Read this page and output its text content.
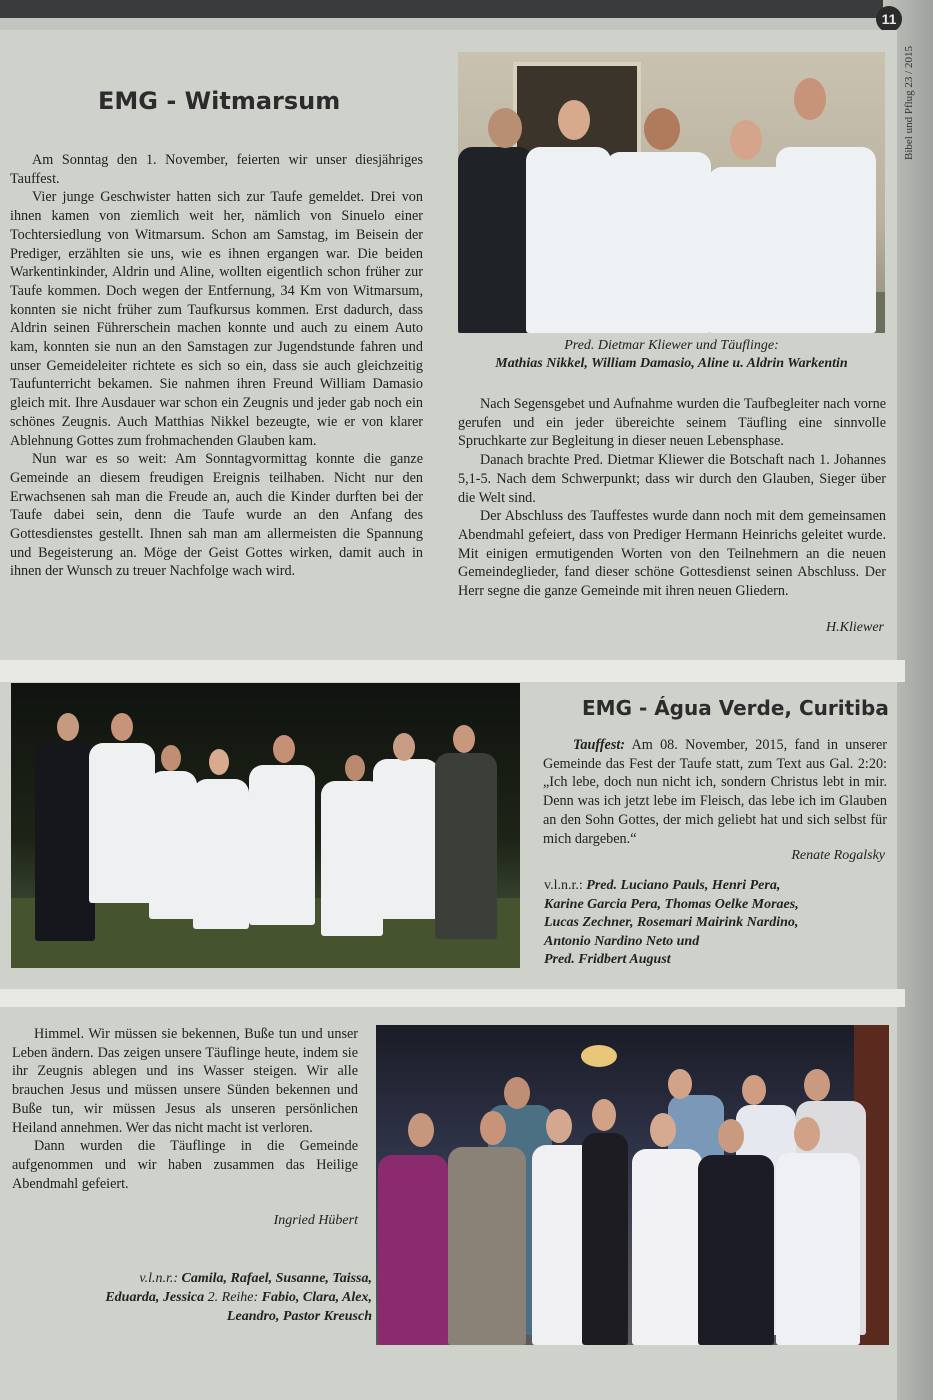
11
Bibel und Pflug 23 / 2015
EMG - Witmarsum

Am Sonntag den 1. November, feierten wir unser diesjähriges Tauffest.

Vier junge Geschwister hatten sich zur Taufe gemeldet. Drei von ihnen kamen von ziemlich weit her, nämlich von Sinuelo einer Tochtersiedlung von Witmarsum. Schon am Samstag, im Beisein der Prediger, erzählten sie uns, wie es ihnen ergangen war. Die beiden Warkentinkinder, Aldrin und Aline, wollten eigentlich schon früher zur Taufe kommen. Doch wegen der Entfernung, 34 Km von Witmarsum, konnten sie nicht früher zum Taufkursus kommen. Erst dadurch, dass Aldrin seinen Führerschein machen konnte und auch zu einem Auto kam, konnten sie nun an den Samstagen zur Jugendstunde fahren und unser Gemeideleiter richtete es sich so ein, dass sie auch gleichzeitig Taufunterricht bekamen. Sie nahmen ihren Freund William Damasio gleich mit. Ihre Ausdauer war schon ein Zeugnis und jeder gab noch ein schönes Zeugnis. Auch Matthias Nikkel bezeugte, wie er von klarer Ablehnung Gottes zum frohmachenden Glauben kam.

Nun war es so weit: Am Sonntagvormittag konnte die ganze Gemeinde an diesem freudigen Ereignis teilhaben. Nicht nur den Erwachsenen sah man die Freude an, auch die Kinder durften bei der Taufe dabei sein, denn die Taufe wurde an den Anfang des Gottesdienstes gestellt. Ihnen sah man am allermeisten die Spannung und Begeisterung an. Möge der Geist Gottes wirken, damit auch in ihnen der Wunsch zu treuer Nachfolge wach wird.

Pred. Dietmar Kliewer und Täuflinge:
Mathias Nikkel, William Damasio, Aline u. Aldrin Warkentin

Nach Segensgebet und Aufnahme wurden die Taufbegleiter nach vorne gerufen und ein jeder übereichte seinem Täufling eine sinnvolle Spruchkarte zur Begleitung in dieser neuen Lebensphase.

Danach brachte Pred. Dietmar Kliewer die Botschaft nach 1. Johannes 5,1-5. Nach dem Schwerpunkt; dass wir durch den Glauben, Sieger über die Welt sind.

Der Abschluss des Tauffestes wurde dann noch mit dem gemeinsamen Abendmahl gefeiert, dass von Prediger Hermann Heinrichs geleitet wurde. Mit einigen ermutigenden Worten von den Teilnehmern an die neuen Gemeindeglieder, fand dieser schöne Gottesdienst seinen Abschluss. Der Herr segne die ganze Gemeinde mit ihren neuen Gliedern.

H.Kliewer
EMG - Água Verde, Curitiba

Tauffest: Am 08. November, 2015, fand in unserer Gemeinde das Fest der Taufe statt, zum Text aus Gal. 2:20: „Ich lebe, doch nun nicht ich, sondern Christus lebt in mir. Denn was ich jetzt lebe im Fleisch, das lebe ich im Glauben an den Sohn Gottes, der mich geliebt hat und sich selbst für mich dargeben.“

Renate Rogalsky
v.l.n.r.: Pred. Luciano Pauls, Henri Pera,
Karine Garcia Pera, Thomas Oelke Moraes,
Lucas Zechner, Rosemari Mairink Nardino,
Antonio Nardino Neto und
Pred. Fridbert August

Himmel. Wir müssen sie bekennen, Buße tun und unser Leben ändern. Das zeigen unsere Täuflinge heute, indem sie ihr Zeugnis ablegen und ins Wasser steigen. Wir alle brauchen Jesus und müssen unsere Sünden bekennen und Buße tun, wir müssen Jesus als unseren persönlichen Heiland annehmen. Wer das nicht macht ist verloren.

Dann wurden die Täuflinge in die Gemeinde aufgenommen und wir haben zusammen das Heilige Abendmahl gefeiert.

Ingried Hübert
v.l.n.r.: Camila, Rafael, Susanne, Taissa,
Eduarda, Jessica 2. Reihe: Fabio, Clara, Alex,
Leandro, Pastor Kreusch
